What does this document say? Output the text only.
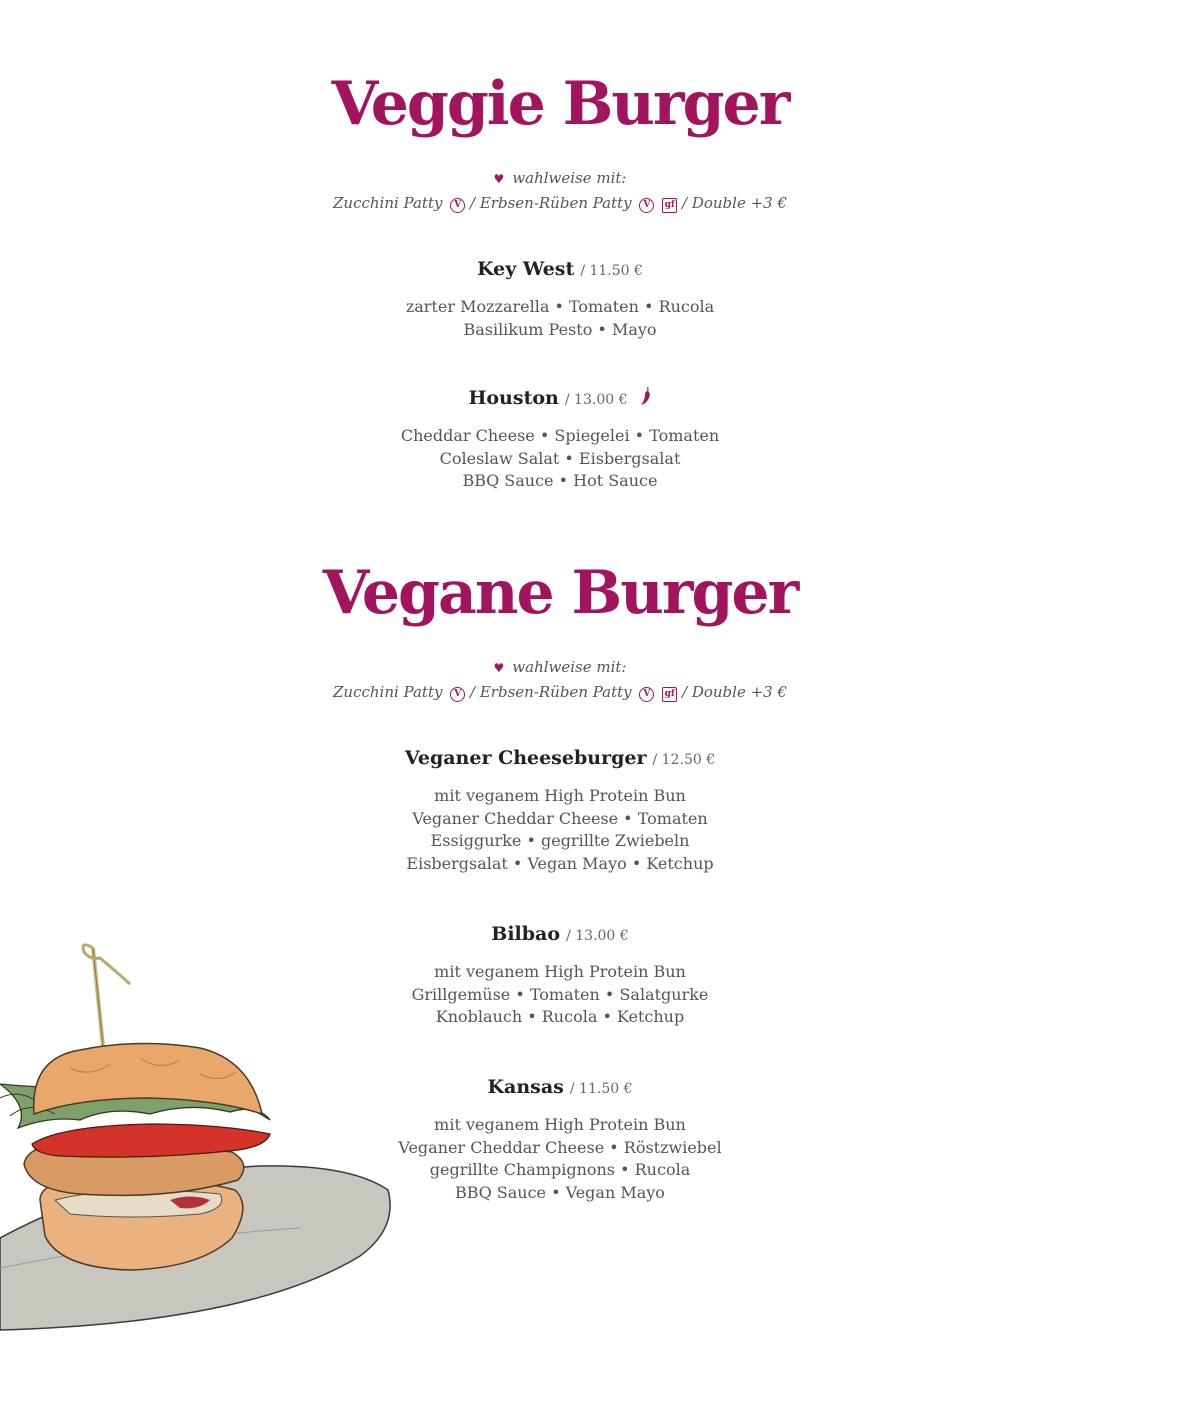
Veggie Burger
♥ wahlweise mit:
Zucchini Patty V / Erbsen-Rüben Patty V gf / Double +3 €
Key West / 11.50 €
zarter Mozzarella • Tomaten • Rucola
Basilikum Pesto • Mayo
Houston / 13.00 €
Cheddar Cheese • Spiegelei • Tomaten
Coleslaw Salat • Eisbergsalat
BBQ Sauce • Hot Sauce
Vegane Burger
♥ wahlweise mit:
Zucchini Patty V / Erbsen-Rüben Patty V gf / Double +3 €
Veganer Cheeseburger / 12.50 €
mit veganem High Protein Bun
Veganer Cheddar Cheese • Tomaten
Essiggurke • gegrillte Zwiebeln
Eisbergsalat • Vegan Mayo • Ketchup
Bilbao / 13.00 €
mit veganem High Protein Bun
Grillgemüse • Tomaten • Salatgurke
Knoblauch • Rucola • Ketchup
Kansas / 11.50 €
mit veganem High Protein Bun
Veganer Cheddar Cheese • Röstzwiebel
gegrillte Champignons • Rucola
BBQ Sauce • Vegan Mayo
